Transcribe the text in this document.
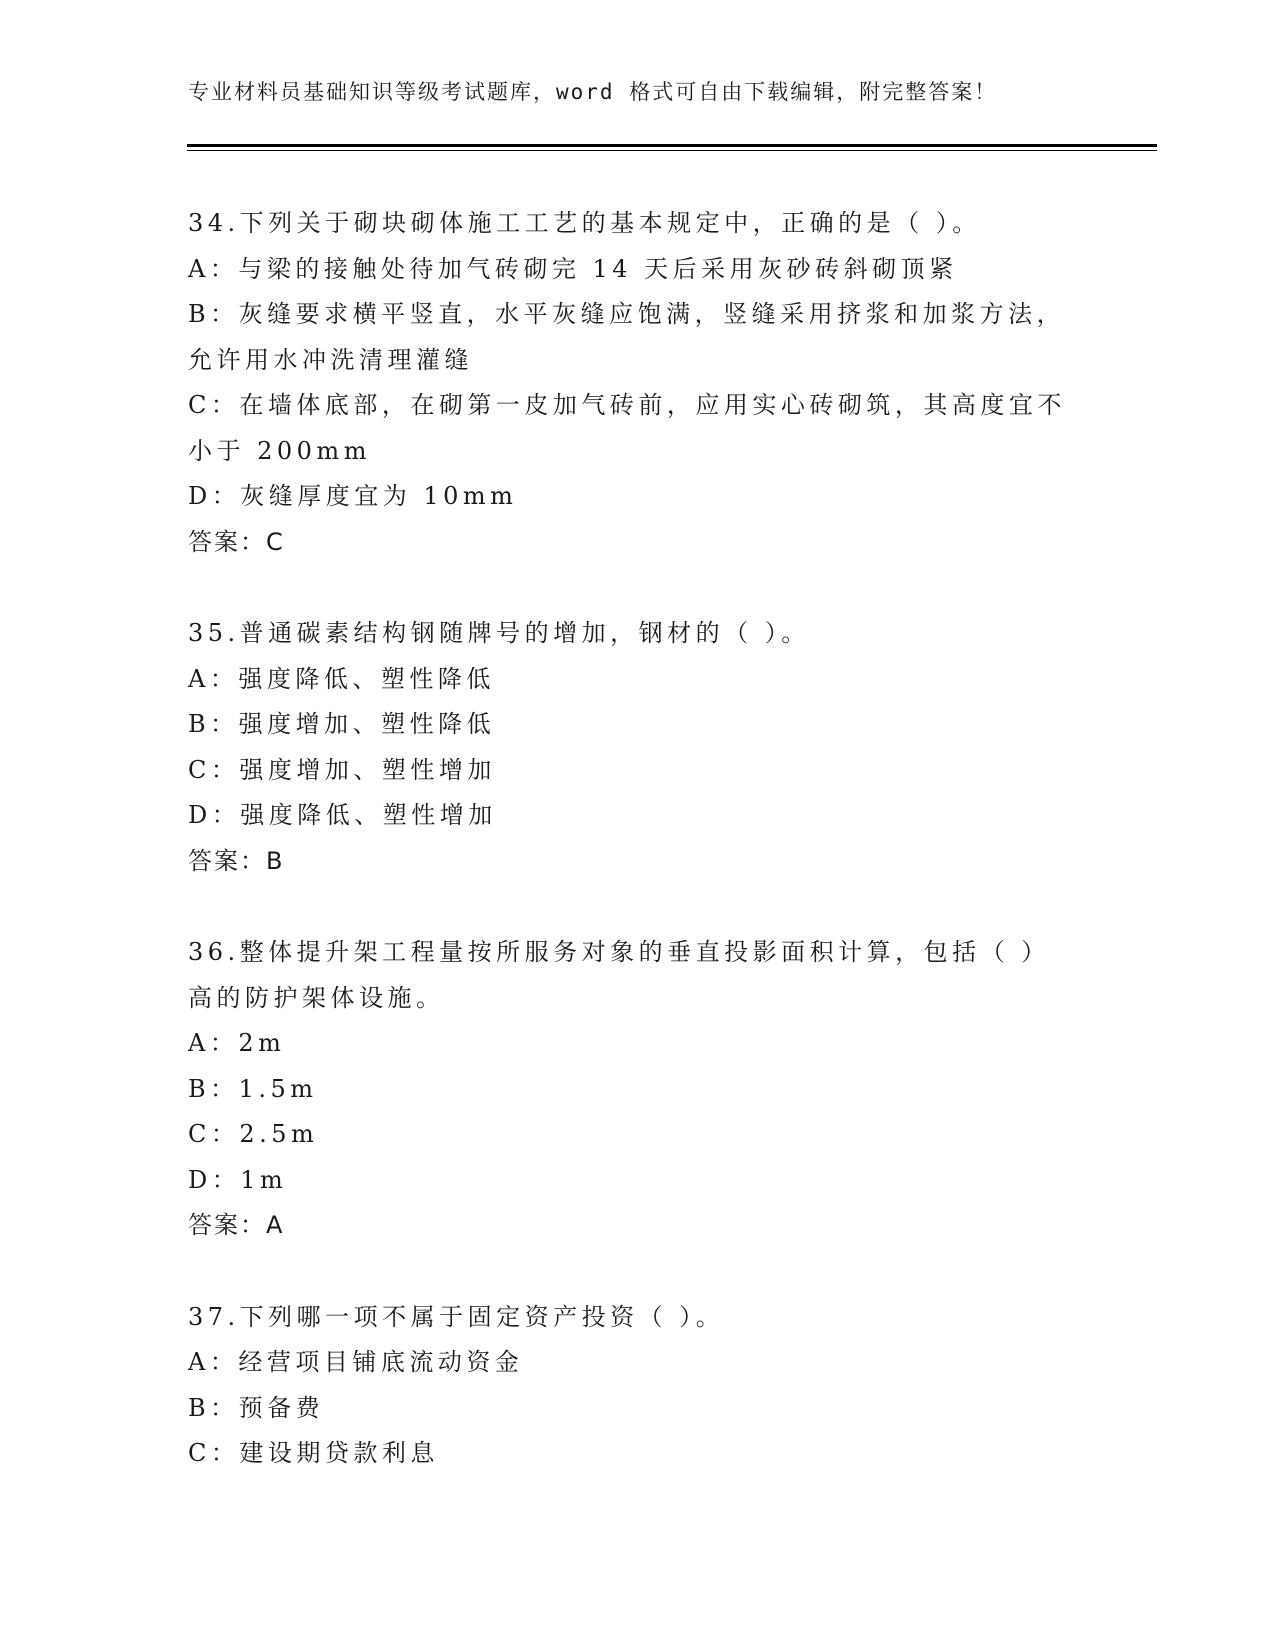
专业材料员基础知识等级考试题库，word 格式可自由下载编辑，附完整答案！
34.下列关于砌块砌体施工工艺的基本规定中，正确的是（ ）。
A：与梁的接触处待加气砖砌完 14 天后采用灰砂砖斜砌顶紧
B：灰缝要求横平竖直，水平灰缝应饱满，竖缝采用挤浆和加浆方法，
允许用水冲洗清理灌缝
C：在墙体底部，在砌第一皮加气砖前，应用实心砖砌筑，其高度宜不
小于 200mm
D：灰缝厚度宜为 10mm
答案：C
35.普通碳素结构钢随牌号的增加，钢材的（ ）。
A：强度降低、塑性降低
B：强度增加、塑性降低
C：强度增加、塑性增加
D：强度降低、塑性增加
答案：B
36.整体提升架工程量按所服务对象的垂直投影面积计算，包括（ ）
高的防护架体设施。
A：2m
B：1.5m
C：2.5m
D：1m
答案：A
37.下列哪一项不属于固定资产投资（ ）。
A：经营项目铺底流动资金
B：预备费
C：建设期贷款利息
